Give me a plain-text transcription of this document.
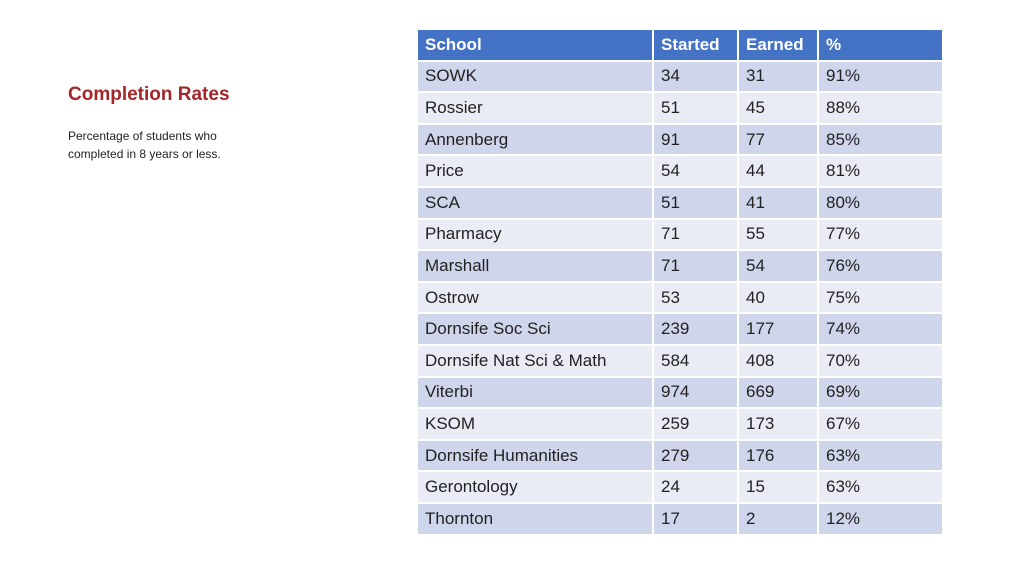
Completion Rates
Percentage of students who completed in 8 years or less.
School	Started	Earned	%
SOWK	34	31	91%
Rossier	51	45	88%
Annenberg	91	77	85%
Price	54	44	81%
SCA	51	41	80%
Pharmacy	71	55	77%
Marshall	71	54	76%
Ostrow	53	40	75%
Dornsife Soc Sci	239	177	74%
Dornsife Nat Sci & Math	584	408	70%
Viterbi	974	669	69%
KSOM	259	173	67%
Dornsife Humanities	279	176	63%
Gerontology	24	15	63%
Thornton	17	2	12%
